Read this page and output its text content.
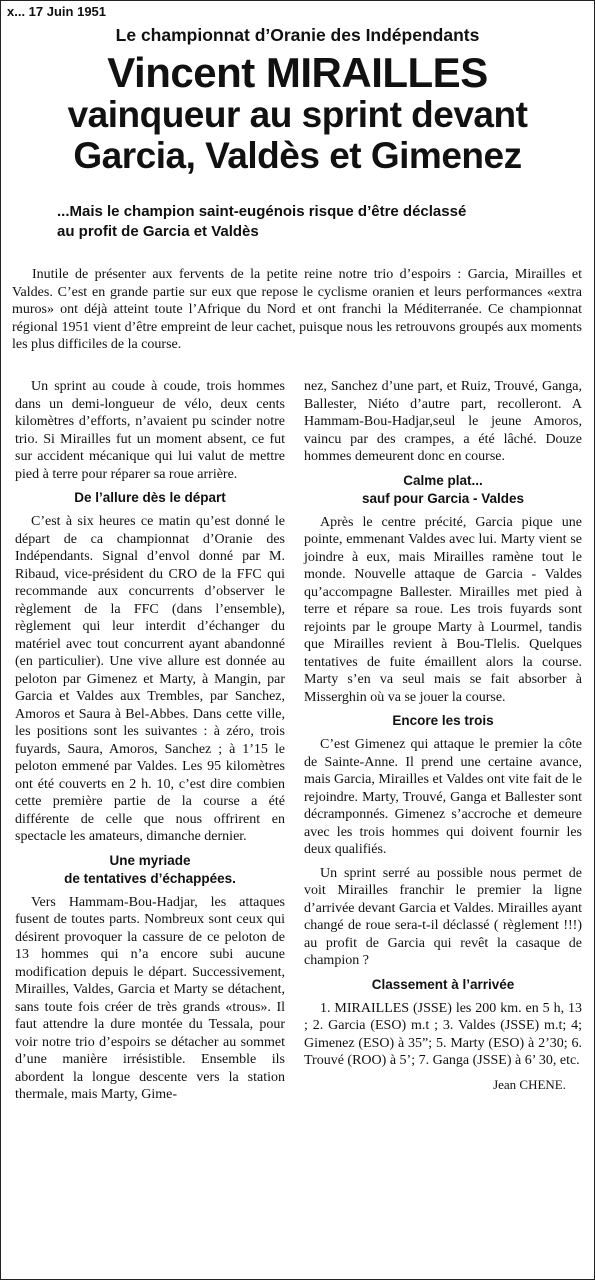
x... 17 Juin 1951
Le championnat d’Oranie des Indépendants
Vincent MIRAILLES
vainqueur au sprint devant
Garcia, Valdès et Gimenez
...Mais le champion saint-eugénois risque d’être déclassé
au profit de Garcia et Valdès

Inutile de présenter aux fervents de la petite reine notre trio d’espoirs : Garcia, Mirailles et Valdes. C’est en grande partie sur eux que repose le cyclisme oranien et leurs performances «extra muros» ont déjà atteint toute l’Afrique du Nord et ont franchi la Méditerranée. Ce championnat régional 1951 vient d’être empreint de leur cachet, puisque nous les retrouvons groupés aux moments les plus difficiles de la course.

Un sprint au coude à coude, trois hommes dans un demi-longueur de vélo, deux cents kilomètres d’efforts, n’avaient pu scinder notre trio. Si Mirailles fut un moment absent, ce fut sur accident mécanique qui lui valut de mettre pied à terre pour réparer sa roue arrière.

De l’allure dès le départ

C’est à six heures ce matin qu’est donné le départ de ca championnat d’Oranie des Indépendants. Signal d’envol donné par M. Ribaud, vice-président du CRO de la FFC qui recommande aux concurrents d’observer le règlement de la FFC (dans l’ensemble), règlement qui leur interdit d’échanger du matériel avec tout concurrent ayant abandonné (en particulier). Une vive allure est donnée au peloton par Gimenez et Marty, à Mangin, par Garcia et Valdes aux Trembles, par Sanchez, Amoros et Saura à Bel-Abbes. Dans cette ville, les positions sont les suivantes : à zéro, trois fuyards, Saura, Amoros, Sanchez ; à 1’15 le peloton emmené par Valdes. Les 95 kilomètres ont été couverts en 2 h. 10, c’est dire combien cette première partie de la course a été différente de celle que nous offrirent en spectacle les amateurs, dimanche dernier.

Une myriade
de tentatives d’échappées.

Vers Hammam-Bou-Hadjar, les attaques fusent de toutes parts. Nombreux sont ceux qui désirent provoquer la cassure de ce peloton de 13 hommes qui n’a encore subi aucune modification depuis le départ. Successivement, Mirailles, Valdes, Garcia et Marty se détachent, sans toute fois créer de très grands «trous». Il faut attendre la dure montée du Tessala, pour voir notre trio d’espoirs se détacher au sommet d’une manière irrésistible. Ensemble ils abordent la longue descente vers la station thermale, mais Marty, Gime-

nez, Sanchez d’une part, et Ruiz, Trouvé, Ganga, Ballester, Niéto d’autre part, recolleront. A Hammam-Bou-Hadjar,seul le jeune Amoros, vaincu par des crampes, a été lâché. Douze hommes demeurent donc en course.

Calme plat...
sauf pour Garcia - Valdes

Après le centre précité, Garcia pique une pointe, emmenant Valdes avec lui. Marty vient se joindre à eux, mais Mirailles ramène tout le monde. Nouvelle attaque de Garcia - Valdes qu’accompagne Ballester. Mirailles met pied à terre et répare sa roue. Les trois fuyards sont rejoints par le groupe Marty à Lourmel, tandis que Mirailles revient à Bou-Tlelis. Quelques tentatives de fuite émaillent alors la course. Marty s’en va seul mais se fait absorber à Misserghin où va se jouer la course.

Encore les trois

C’est Gimenez qui attaque le premier la côte de Sainte-Anne. Il prend une certaine avance, mais Garcia, Mirailles et Valdes ont vite fait de le rejoindre. Marty, Trouvé, Ganga et Ballester sont décramponnés. Gimenez s’accroche et demeure avec les trois hommes qui doivent fournir les deux qualifiés.

Un sprint serré au possible nous permet de voit Mirailles franchir le premier la ligne d’arrivée devant Garcia et Valdes. Mirailles ayant changé de roue sera-t-il déclassé ( règlement !!!) au profit de Garcia qui revêt la casaque de champion ?

Classement à l’arrivée

1. MIRAILLES (JSSE) les 200 km. en 5 h, 13 ; 2. Garcia (ESO) m.t ; 3. Valdes (JSSE) m.t; 4; Gimenez (ESO) à 35”; 5. Marty (ESO) à 2’30; 6. Trouvé (ROO) à 5’; 7. Ganga (JSSE) à 6’ 30, etc.

Jean CHENE.
